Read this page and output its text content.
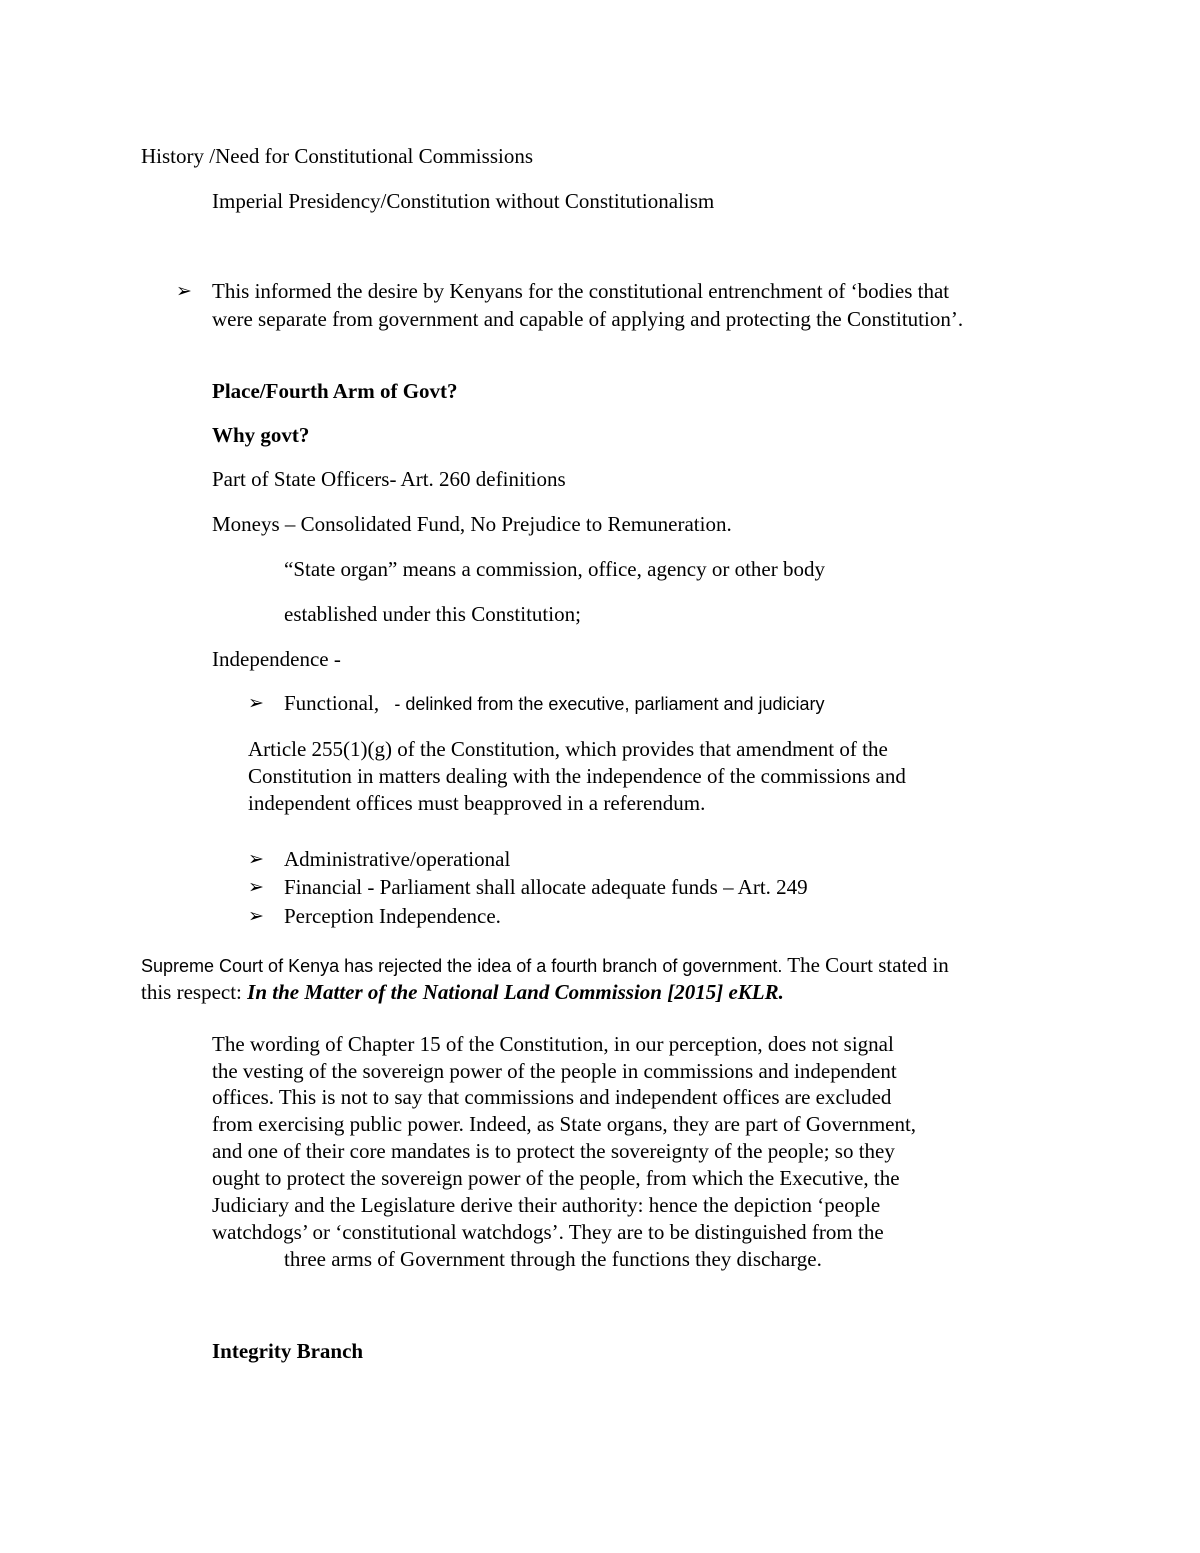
History /Need for Constitutional Commissions
Imperial Presidency/Constitution without Constitutionalism
➢ This informed the desire by Kenyans for the constitutional entrenchment of ‘bodies that
were separate from government and capable of applying and protecting the Constitution’.
Place/Fourth Arm of Govt?
Why govt?
Part of State Officers- Art. 260 definitions
Moneys – Consolidated Fund, No Prejudice to Remuneration.
“State organ” means a commission, office, agency or other body
established under this Constitution;
Independence -
➢ Functional, - delinked from the executive, parliament and judiciary
Article 255(1)(g) of the Constitution, which provides that amendment of the
Constitution in matters dealing with the independence of the commissions and
independent offices must beapproved in a referendum.
➢ Administrative/operational
➢ Financial - Parliament shall allocate adequate funds – Art. 249
➢ Perception Independence.
Supreme Court of Kenya has rejected the idea of a fourth branch of government. The Court stated in
this respect: In the Matter of the National Land Commission [2015] eKLR.
The wording of Chapter 15 of the Constitution, in our perception, does not signal
the vesting of the sovereign power of the people in commissions and independent
offices. This is not to say that commissions and independent offices are excluded
from exercising public power. Indeed, as State organs, they are part of Government,
and one of their core mandates is to protect the sovereignty of the people; so they
ought to protect the sovereign power of the people, from which the Executive, the
Judiciary and the Legislature derive their authority: hence the depiction ‘people
watchdogs’ or ‘constitutional watchdogs’. They are to be distinguished from the
three arms of Government through the functions they discharge.
Integrity Branch
